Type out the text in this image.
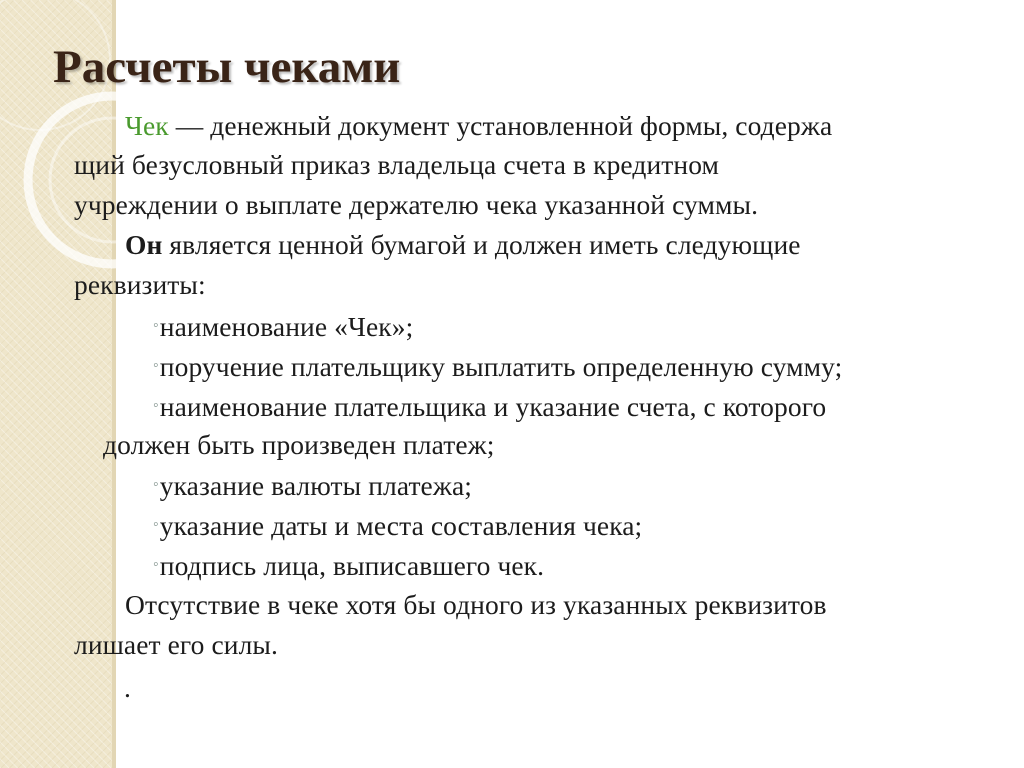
Расчеты чеками
Чек — денежный документ установленной формы, содержа
щий безусловный приказ владельца счета в кредитном
учреждении о выплате держателю чека указанной суммы.
Он является ценной бумагой и должен иметь следующие
реквизиты:
◦наименование «Чек»;
◦поручение плательщику выплатить определенную сумму;
◦наименование плательщика и указание счета, с которого
должен быть произведен платеж;
◦указание валюты платежа;
◦указание даты и места составления чека;
◦подпись лица, выписавшего чек.
Отсутствие в чеке хотя бы одного из указанных реквизитов
лишает его силы.
.
